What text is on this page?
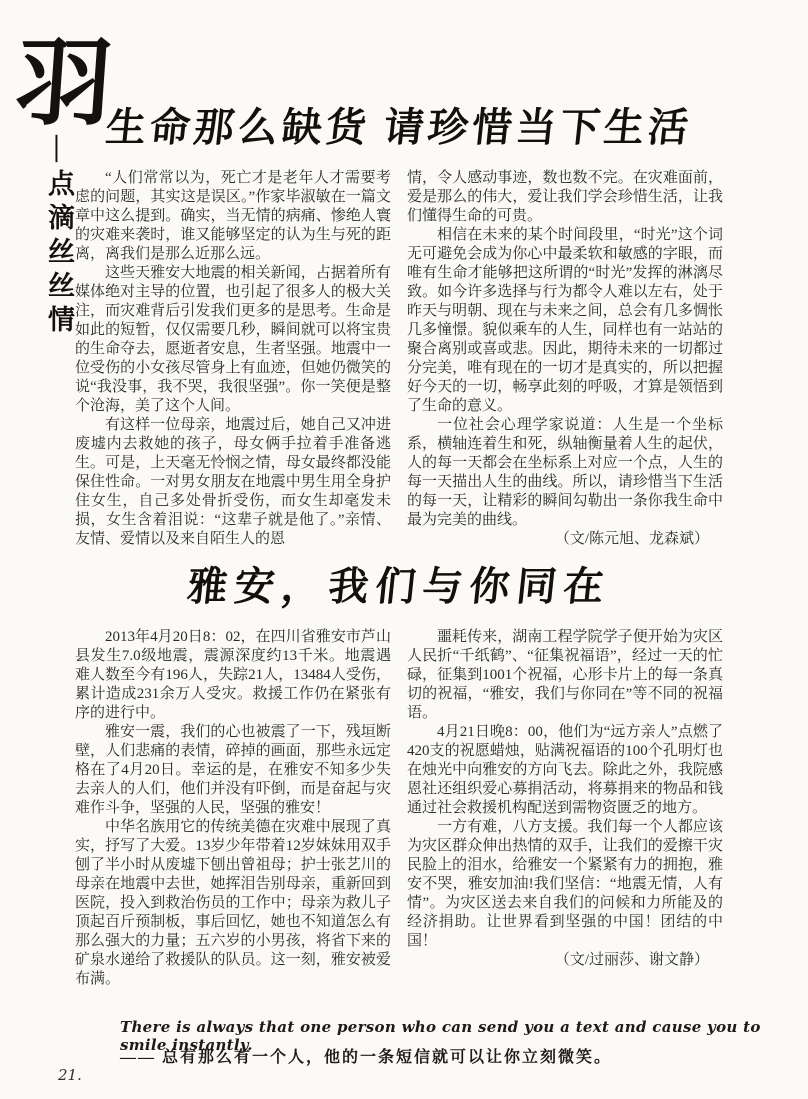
羽
—点滴丝丝情
生命那么缺货 请珍惜当下生活

“人们常常以为，死亡才是老年人才需要考虑的问题，其实这是误区。”作家毕淑敏在一篇文章中这么提到。确实，当无情的病痛、惨绝人寰的灾难来袭时，谁又能够坚定的认为生与死的距离，离我们是那么近那么远。

这些天雅安大地震的相关新闻，占据着所有媒体绝对主导的位置，也引起了很多人的极大关注，而灾难背后引发我们更多的是思考。生命是如此的短暂，仅仅需要几秒，瞬间就可以将宝贵的生命夺去，愿逝者安息，生者坚强。地震中一位受伤的小女孩尽管身上有血迹，但她仍微笑的说“我没事，我不哭，我很坚强”。你一笑便是整个沧海，美了这个人间。

有这样一位母亲，地震过后，她自己又冲进废墟内去救她的孩子，母女俩手拉着手准备逃生。可是，上天毫无怜悯之情，母女最终都没能保住性命。一对男女朋友在地震中男生用全身护住女生，自己多处骨折受伤，而女生却毫发未损，女生含着泪说：“这辈子就是他了。”亲情、友情、爱情以及来自陌生人的恩

情，令人感动事迹，数也数不完。在灾难面前，爱是那么的伟大，爱让我们学会珍惜生活，让我们懂得生命的可贵。

相信在未来的某个时间段里，“时光”这个词无可避免会成为你心中最柔软和敏感的字眼，而唯有生命才能够把这所谓的“时光”发挥的淋漓尽致。如今许多选择与行为都令人难以左右，处于昨天与明朝、现在与未来之间，总会有几多惆怅几多憧憬。貌似乘车的人生，同样也有一站站的聚合离别或喜或悲。因此，期待未来的一切都过分完美，唯有现在的一切才是真实的，所以把握好今天的一切，畅享此刻的呼吸，才算是领悟到了生命的意义。

一位社会心理学家说道：人生是一个坐标系，横轴连着生和死，纵轴衡量着人生的起伏，人的每一天都会在坐标系上对应一个点，人生的每一天描出人生的曲线。所以，请珍惜当下生活的每一天，让精彩的瞬间勾勒出一条你我生命中最为完美的曲线。

（文/陈元旭、龙森斌）

雅安，我们与你同在

2013年4月20日8：02，在四川省雅安市芦山县发生7.0级地震，震源深度约13千米。地震遇难人数至今有196人，失踪21人，13484人受伤，累计造成231余万人受灾。救援工作仍在紧张有序的进行中。

雅安一震，我们的心也被震了一下，残垣断壁，人们悲痛的表情，碎掉的画面，那些永远定格在了4月20日。幸运的是，在雅安不知多少失去亲人的人们，他们并没有吓倒，而是奋起与灾难作斗争，坚强的人民，坚强的雅安！

中华名族用它的传统美德在灾难中展现了真实，抒写了大爱。13岁少年带着12岁妹妹用双手刨了半小时从废墟下刨出曾祖母；护士张艺川的母亲在地震中去世，她挥泪告别母亲，重新回到医院，投入到救治伤员的工作中；母亲为救儿子顶起百斤预制板，事后回忆，她也不知道怎么有那么强大的力量；五六岁的小男孩，将省下来的矿泉水递给了救援队的队员。这一刻，雅安被爱布满。

噩耗传来，湖南工程学院学子便开始为灾区人民折“千纸鹤”、“征集祝福语”，经过一天的忙碌，征集到1001个祝福，心形卡片上的每一条真切的祝福，“雅安，我们与你同在”等不同的祝福语。

4月21日晚8：00，他们为“远方亲人”点燃了420支的祝愿蜡烛，贴满祝福语的100个孔明灯也在烛光中向雅安的方向飞去。除此之外，我院感恩社还组织爱心募捐活动，将募捐来的物品和钱通过社会救援机构配送到需物资匮乏的地方。

一方有难，八方支援。我们每一个人都应该为灾区群众伸出热情的双手，让我们的爱擦干灾民脸上的泪水，给雅安一个紧紧有力的拥抱，雅安不哭，雅安加油!我们坚信：“地震无情，人有情”。为灾区送去来自我们的问候和力所能及的经济捐助。让世界看到坚强的中国！团结的中国！

（文/过丽莎、谢文静）

There is always that one person who can send you a text and cause you to smile instantly.
—— 总有那么有一个人，他的一条短信就可以让你立刻微笑。
21.
